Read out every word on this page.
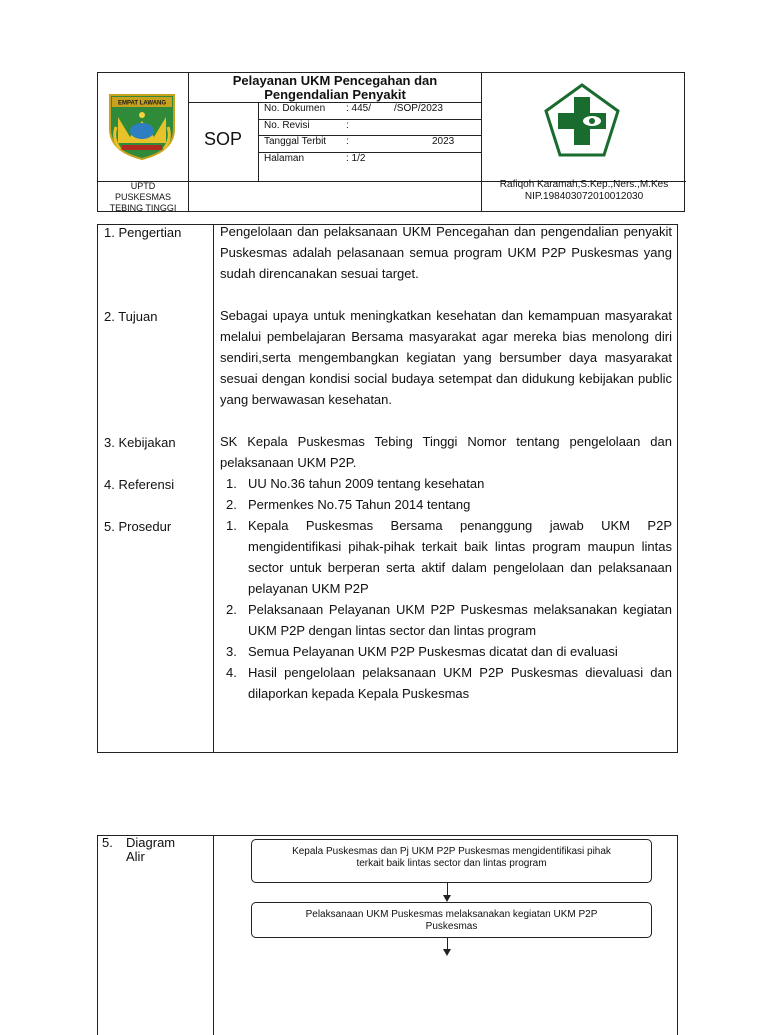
EMPAT LAWANG
UPTD
PUSKESMAS
TEBING TINGGI
Pelayanan UKM Pencegahan dan
Pengendalian Penyakit
SOP
No. Dokumen : 445/ /SOP/2023
No. Revisi	:
Tanggal Terbit :	2023
Halaman	: 1/2
Rafiqoh Karamah,S.Kep.,Ners.,M.Kes
NIP.198403072010012030
1. Pengertian	Pengelolaan dan pelaksanaan UKM Pencegahan dan pengendalian penyakit Puskesmas adalah pelasanaan semua program UKM P2P Puskesmas yang sudah direncanakan sesuai target.

2. Tujuan	Sebagai upaya untuk meningkatkan kesehatan dan kemampuan masyarakat melalui pembelajaran Bersama masyarakat agar mereka bias menolong diri sendiri,serta mengembangkan kegiatan yang bersumber daya masyarakat sesuai dengan kondisi social budaya setempat dan didukung kebijakan public yang berwawasan kesehatan.

3. Kebijakan	SK Kepala Puskesmas Tebing Tinggi Nomor tentang pengelolaan dan pelaksanaan UKM P2P.

4. Referensi	1. UU No.36 tahun 2009 tentang kesehatan
2. Permenkes No.75 Tahun 2014 tentang
5. Prosedur	1. Kepala Puskesmas Bersama penanggung jawab UKM P2P mengidentifikasi pihak-pihak terkait baik lintas program maupun lintas sector untuk berperan serta aktif dalam pengelolaan dan pelaksanaan pelayanan UKM P2P
2. Pelaksanaan Pelayanan UKM P2P Puskesmas melaksanakan kegiatan UKM P2P dengan lintas sector dan lintas program
3. Semua Pelayanan UKM P2P Puskesmas dicatat dan di evaluasi
4. Hasil pengelolaan pelaksanaan UKM P2P Puskesmas dievaluasi dan dilaporkan kepada Kepala Puskesmas
5. Diagram
Alir	Kepala Puskesmas dan Pj UKM P2P Puskesmas mengidentifikasi pihak
terkait baik lintas sector dan lintas program
Pelaksanaan UKM Puskesmas melaksanakan kegiatan UKM P2P
Puskesmas
